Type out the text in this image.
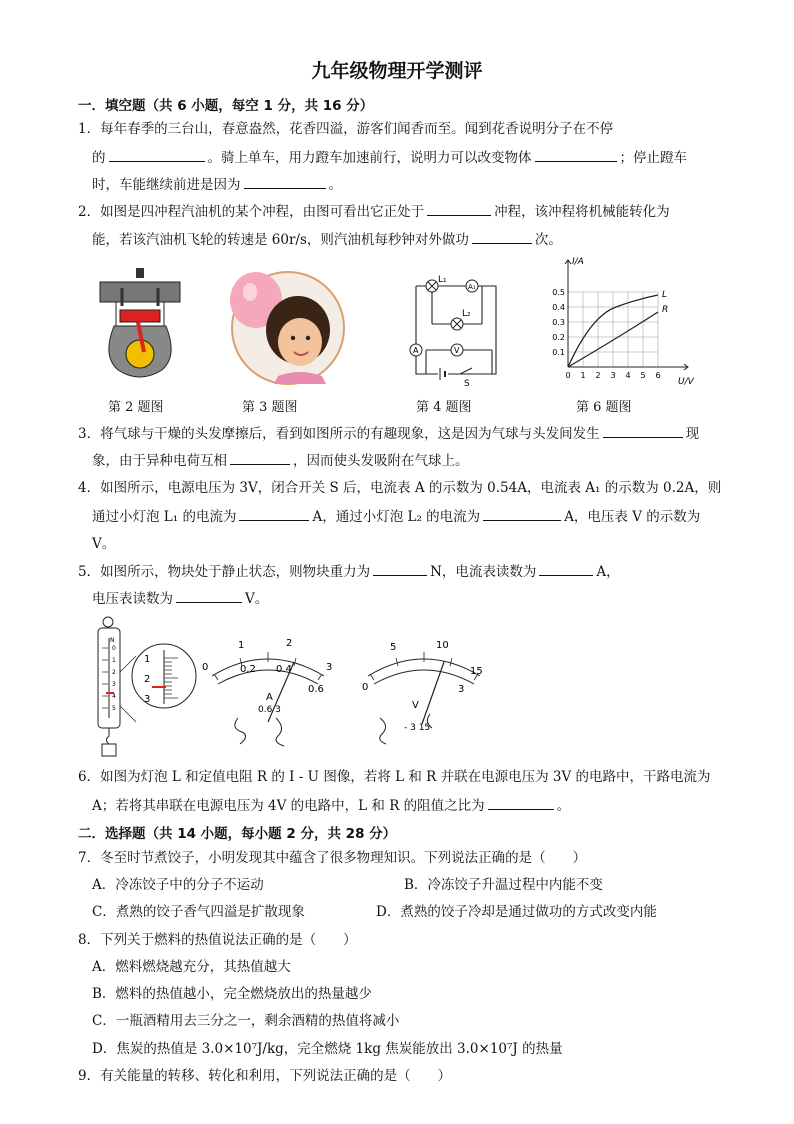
九年级物理开学测评
一．填空题（共 6 小题，每空 1 分，共 16 分）
1．每年春季的三台山，春意盎然，花香四溢，游客们闻香而至。闻到花香说明分子在不停
的	。骑上单车，用力蹬车加速前行，说明力可以改变物体	；停止蹬车
时，车能继续前进是因为	。
2．如图是四冲程汽油机的某个冲程，由图可看出它正处于	冲程，该冲程将机械能转化为
能，若该汽油机飞轮的转速是 60r/s，则汽油机每秒钟对外做功	次。
L₁
A₁
L₂
A	V
S
I/A
U/V
L
R
0.5
0.4
0.3
0.2
0.1
0 1 2 3 4 5 6
第 2 题图	第 3 题图	第 4 题图	第 6 题图
3．将气球与干燥的头发摩擦后，看到如图所示的有趣现象，这是因为气球与头发间发生	现
象，由于异种电荷互相	，因而使头发吸附在气球上。
4．如图所示，电源电压为 3V，闭合开关 S 后，电流表 A 的示数为 0.54A，电流表 A₁ 的示数为 0.2A，则
通过小灯泡 L₁ 的电流为	A，通过小灯泡 L₂ 的电流为	A，电压表 V 的示数为
V。
5．如图所示，物块处于静止状态，则物块重力为	N，电流表读数为	A，
电压表读数为	V。
N
0
1
2
3
4
5
1
2
3
1	2
3
0	0.2 0.4
0.6
A
0.6 3
5	10
15
0	3
V
- 3 15
6．如图为灯泡 L 和定值电阻 R 的 I - U 图像，若将 L 和 R 并联在电源电压为 3V 的电路中，干路电流为
A；若将其串联在电源电压为 4V 的电路中，L 和 R 的阻值之比为	。
二．选择题（共 14 小题，每小题 2 分，共 28 分）
7．冬至时节煮饺子，小明发现其中蕴含了很多物理知识。下列说法正确的是（　　）
A．冷冻饺子中的分子不运动	B．冷冻饺子升温过程中内能不变
C．煮熟的饺子香气四溢是扩散现象	D．煮熟的饺子冷却是通过做功的方式改变内能
8．下列关于燃料的热值说法正确的是（　　）
A．燃料燃烧越充分，其热值越大
B．燃料的热值越小，完全燃烧放出的热量越少
C．一瓶酒精用去三分之一，剩余酒精的热值将减小
D．焦炭的热值是 3.0×10⁷J/kg，完全燃烧 1kg 焦炭能放出 3.0×10⁷J 的热量
9．有关能量的转移、转化和利用，下列说法正确的是（　　）
